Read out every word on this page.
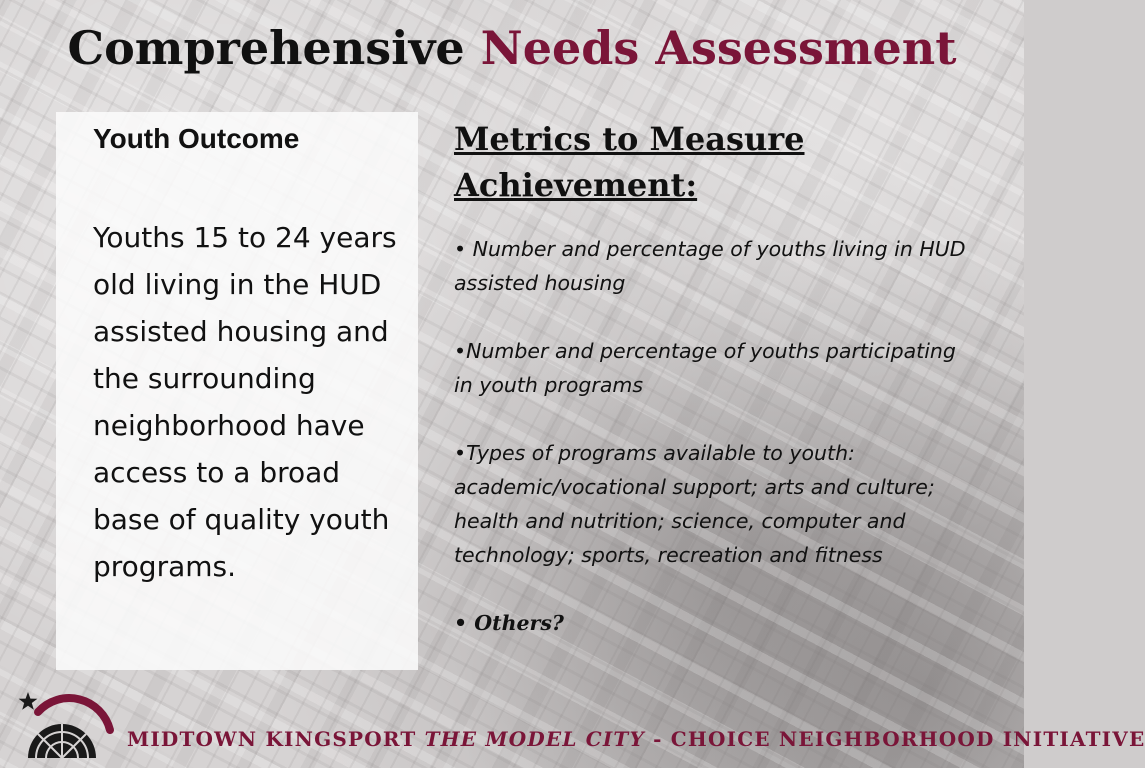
Comprehensive Needs Assessment

Youth Outcome

Youths 15 to 24 years old living in the HUD assisted housing and the surrounding neighborhood have access to a broad base of quality youth programs.

Metrics to Measure Achievement:

• Number and percentage of youths living in HUD assisted housing
•Number and percentage of youths participating in youth programs
•Types of programs available to youth: academic/vocational support; arts and culture; health and nutrition; science, computer and technology; sports, recreation and fitness
• Others?
MIDTOWN KINGSPORT THE MODEL CITY - CHOICE NEIGHBORHOOD INITIATIVE
